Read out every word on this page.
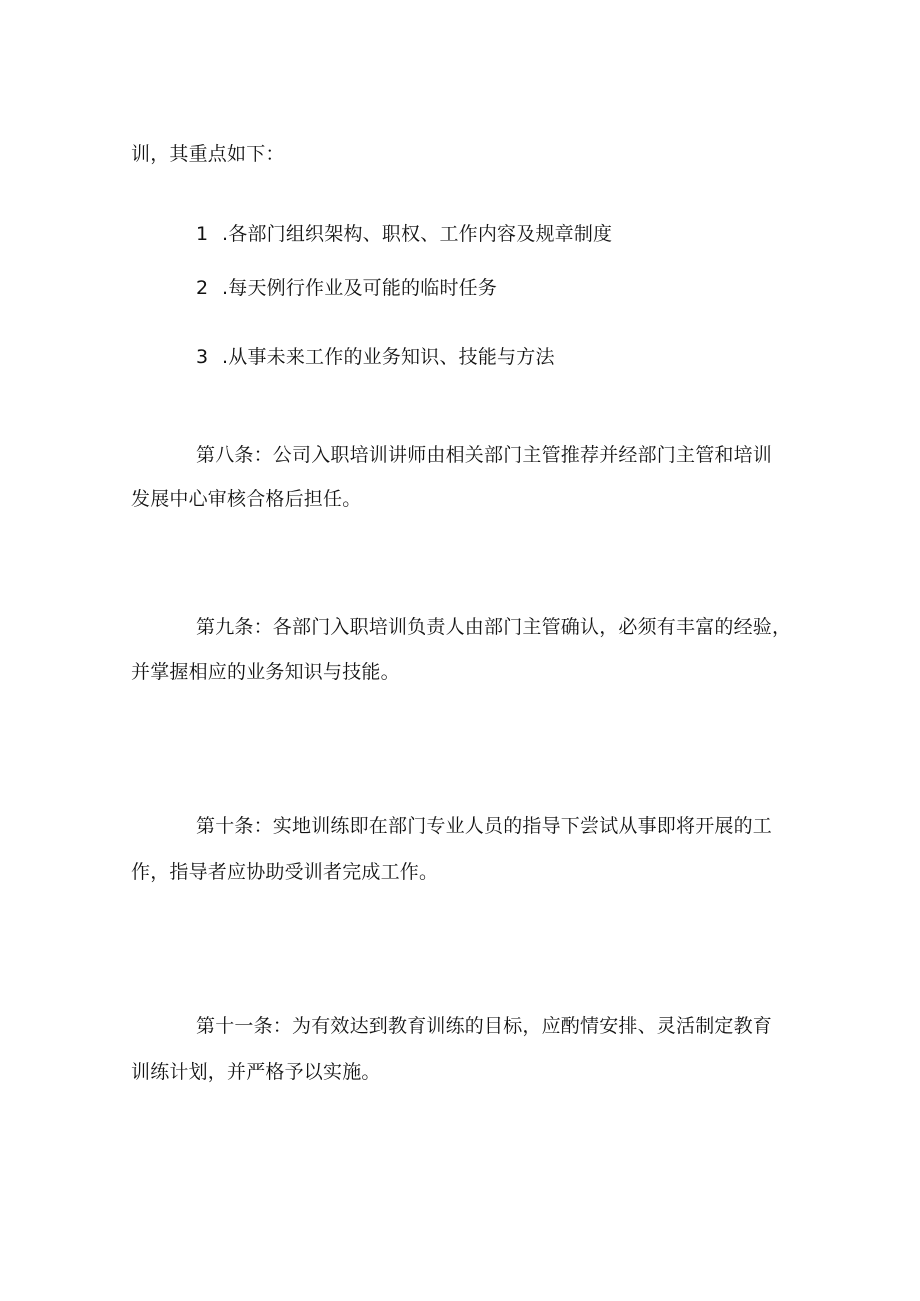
训，其重点如下：
1 .各部门组织架构、职权、工作内容及规章制度
2 .每天例行作业及可能的临时任务
3 .从事未来工作的业务知识、技能与方法
第八条：公司入职培训讲师由相关部门主管推荐并经部门主管和培训
发展中心审核合格后担任。
第九条：各部门入职培训负责人由部门主管确认，必须有丰富的经验，
并掌握相应的业务知识与技能。
第十条：实地训练即在部门专业人员的指导下尝试从事即将开展的工
作，指导者应协助受训者完成工作。
第十一条：为有效达到教育训练的目标，应酌情安排、灵活制定教育
训练计划，并严格予以实施。
